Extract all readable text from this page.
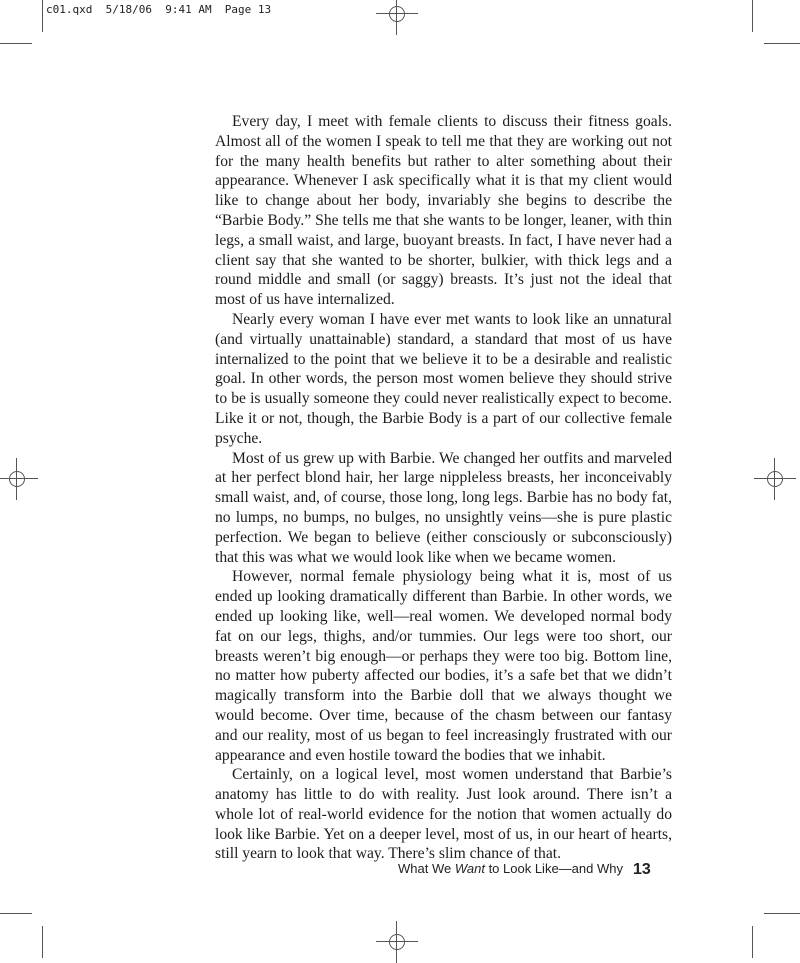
c01.qxd  5/18/06  9:41 AM  Page 13

Every day, I meet with female clients to discuss their fitness goals. Almost all of the women I speak to tell me that they are working out not for the many health benefits but rather to alter something about their appearance. Whenever I ask specifically what it is that my client would like to change about her body, invariably she begins to describe the “Barbie Body.” She tells me that she wants to be longer, leaner, with thin legs, a small waist, and large, buoyant breasts. In fact, I have never had a client say that she wanted to be shorter, bulkier, with thick legs and a round middle and small (or saggy) breasts. It’s just not the ideal that most of us have internalized.

Nearly every woman I have ever met wants to look like an unnatural (and virtually unattainable) standard, a standard that most of us have internalized to the point that we believe it to be a desirable and realistic goal. In other words, the person most women believe they should strive to be is usually someone they could never realistically expect to become. Like it or not, though, the Barbie Body is a part of our collective female psyche.

Most of us grew up with Barbie. We changed her outfits and marveled at her perfect blond hair, her large nippleless breasts, her inconceivably small waist, and, of course, those long, long legs. Barbie has no body fat, no lumps, no bumps, no bulges, no unsightly veins—she is pure plastic perfection. We began to believe (either consciously or subconsciously) that this was what we would look like when we became women.

However, normal female physiology being what it is, most of us ended up looking dramatically different than Barbie. In other words, we ended up looking like, well—real women. We developed normal body fat on our legs, thighs, and/or tummies. Our legs were too short, our breasts weren’t big enough—or perhaps they were too big. Bottom line, no matter how puberty affected our bodies, it’s a safe bet that we didn’t magically transform into the Barbie doll that we always thought we would become. Over time, because of the chasm between our fantasy and our reality, most of us began to feel increasingly frustrated with our appearance and even hostile toward the bodies that we inhabit.

Certainly, on a logical level, most women understand that Barbie’s anatomy has little to do with reality. Just look around. There isn’t a whole lot of real-world evidence for the notion that women actually do look like Barbie. Yet on a deeper level, most of us, in our heart of hearts, still yearn to look that way. There’s slim chance of that.

What We Want to Look Like—and Why 13
